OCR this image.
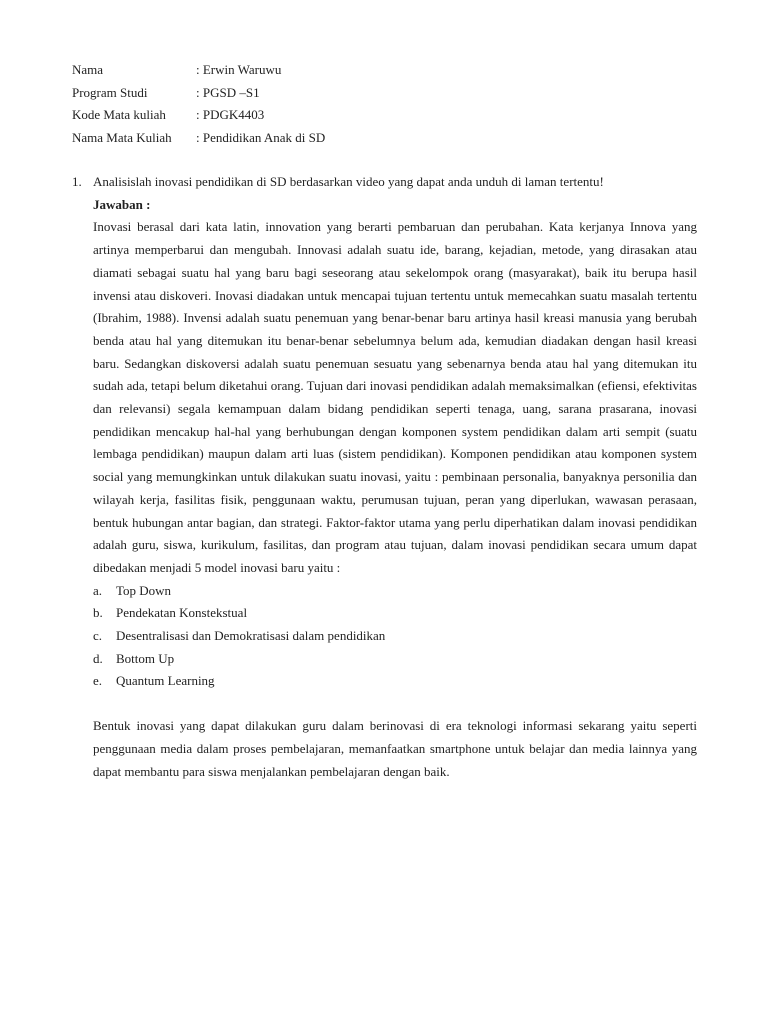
Nama	: Erwin Waruwu
Program Studi	: PGSD –S1
Kode Mata kuliah : PDGK4403
Nama Mata Kuliah : Pendidikan Anak di SD
1. Analisislah inovasi pendidikan di SD berdasarkan video yang dapat anda unduh di laman tertentu!
Jawaban :
Inovasi berasal dari kata latin, innovation yang berarti pembaruan dan perubahan. Kata kerjanya Innova yang artinya memperbarui dan mengubah. Innovasi adalah suatu ide, barang, kejadian, metode, yang dirasakan atau diamati sebagai suatu hal yang baru bagi seseorang atau sekelompok orang (masyarakat), baik itu berupa hasil invensi atau diskoveri. Inovasi diadakan untuk mencapai tujuan tertentu untuk memecahkan suatu masalah tertentu (Ibrahim, 1988). Invensi adalah suatu penemuan yang benar-benar baru artinya hasil kreasi manusia yang berubah benda atau hal yang ditemukan itu benar-benar sebelumnya belum ada, kemudian diadakan dengan hasil kreasi baru. Sedangkan diskoversi adalah suatu penemuan sesuatu yang sebenarnya benda atau hal yang ditemukan itu sudah ada, tetapi belum diketahui orang. Tujuan dari inovasi pendidikan adalah memaksimalkan (efiensi, efektivitas dan relevansi) segala kemampuan dalam bidang pendidikan seperti tenaga, uang, sarana prasarana, inovasi pendidikan mencakup hal-hal yang berhubungan dengan komponen system pendidikan dalam arti sempit (suatu lembaga pendidikan) maupun dalam arti luas (sistem pendidikan). Komponen pendidikan atau komponen system social yang memungkinkan untuk dilakukan suatu inovasi, yaitu : pembinaan personalia, banyaknya personilia dan wilayah kerja, fasilitas fisik, penggunaan waktu, perumusan tujuan, peran yang diperlukan, wawasan perasaan, bentuk hubungan antar bagian, dan strategi. Faktor-faktor utama yang perlu diperhatikan dalam inovasi pendidikan adalah guru, siswa, kurikulum, fasilitas, dan program atau tujuan, dalam inovasi pendidikan secara umum dapat dibedakan menjadi 5 model inovasi baru yaitu :
a. Top Down
b. Pendekatan Konstekstual
c. Desentralisasi dan Demokratisasi dalam pendidikan
d. Bottom Up
e. Quantum Learning
Bentuk inovasi yang dapat dilakukan guru dalam berinovasi di era teknologi informasi sekarang yaitu seperti penggunaan media dalam proses pembelajaran, memanfaatkan smartphone untuk belajar dan media lainnya yang dapat membantu para siswa menjalankan pembelajaran dengan baik.
